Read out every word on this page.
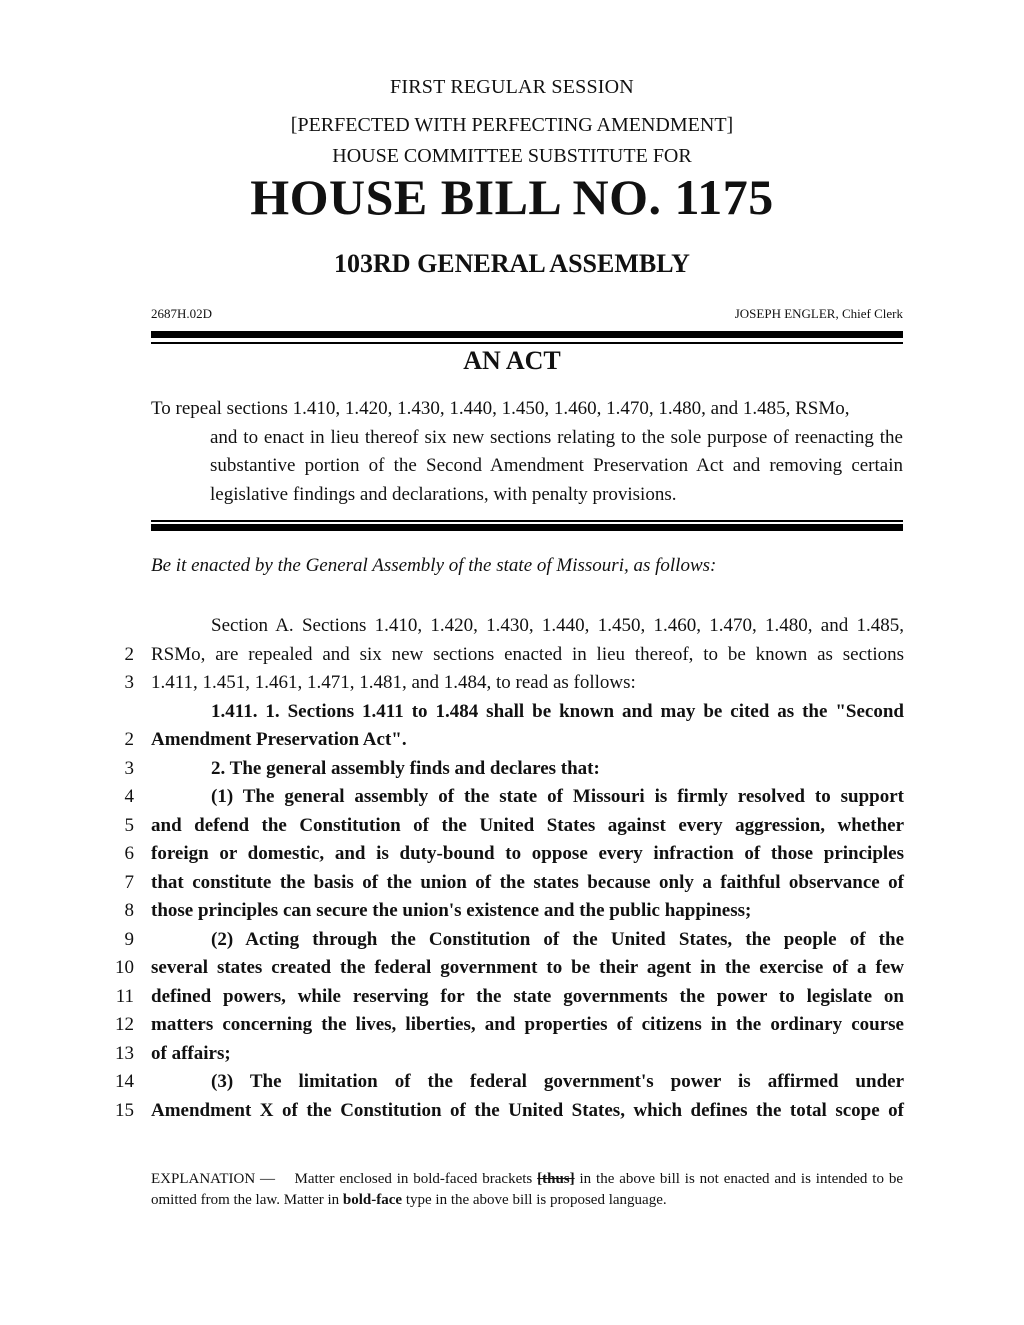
FIRST REGULAR SESSION
[PERFECTED WITH PERFECTING AMENDMENT]
HOUSE COMMITTEE SUBSTITUTE FOR
HOUSE BILL NO. 1175
103RD GENERAL ASSEMBLY
2687H.02D	JOSEPH ENGLER, Chief Clerk
AN ACT
To repeal sections 1.410, 1.420, 1.430, 1.440, 1.450, 1.460, 1.470, 1.480, and 1.485, RSMo,
and to enact in lieu thereof six new sections relating to the sole purpose of reenacting the substantive portion of the Second Amendment Preservation Act and removing certain legislative findings and declarations, with penalty provisions.
Be it enacted by the General Assembly of the state of Missouri, as follows:
Section A. Sections 1.410, 1.420, 1.430, 1.440, 1.450, 1.460, 1.470, 1.480, and 1.485,
2 RSMo, are repealed and six new sections enacted in lieu thereof, to be known as sections
3 1.411, 1.451, 1.461, 1.471, 1.481, and 1.484, to read as follows:
1.411. 1. Sections 1.411 to 1.484 shall be known and may be cited as the "Second
2 Amendment Preservation Act".
3	2. The general assembly finds and declares that:
4	(1) The general assembly of the state of Missouri is firmly resolved to support
5 and defend the Constitution of the United States against every aggression, whether
6 foreign or domestic, and is duty-bound to oppose every infraction of those principles
7 that constitute the basis of the union of the states because only a faithful observance of
8 those principles can secure the union's existence and the public happiness;
9	(2) Acting through the Constitution of the United States, the people of the
10 several states created the federal government to be their agent in the exercise of a few
11 defined powers, while reserving for the state governments the power to legislate on
12 matters concerning the lives, liberties, and properties of citizens in the ordinary course
13 of affairs;
14	(3) The limitation of the federal government's power is affirmed under
15 Amendment X of the Constitution of the United States, which defines the total scope of
EXPLANATION — Matter enclosed in bold-faced brackets [thus] in the above bill is not enacted and is intended to be omitted from the law. Matter in bold-face type in the above bill is proposed language.
